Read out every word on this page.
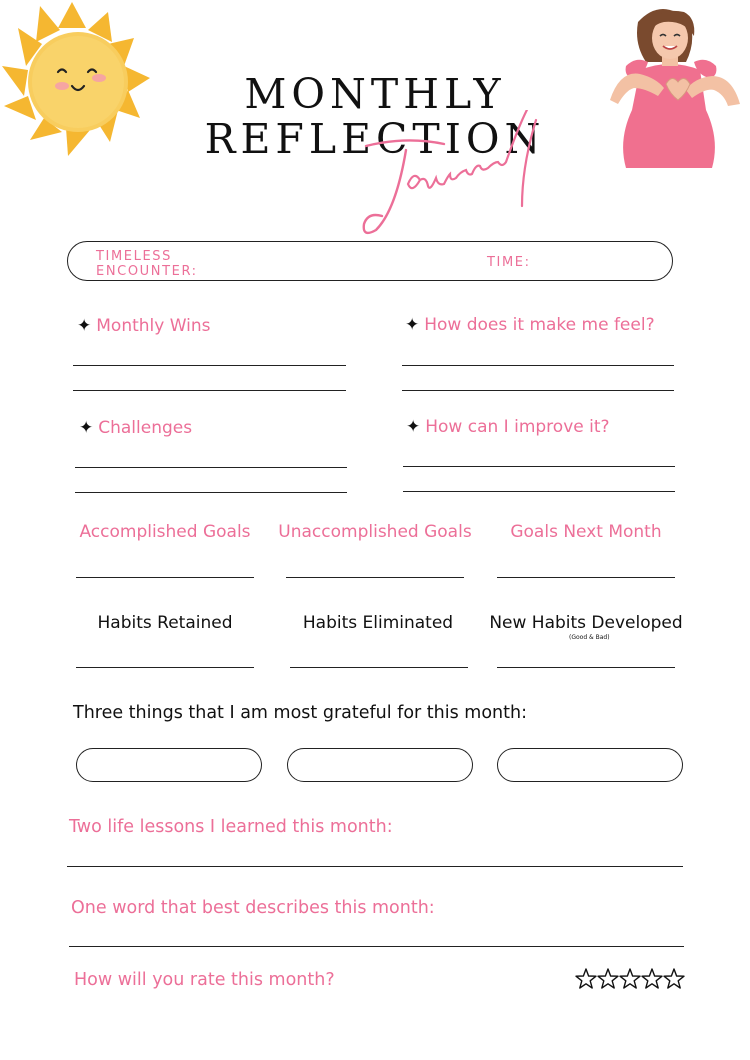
MONTHLY
REFLECTION
TIMELESS
ENCOUNTER:
TIME:
✦ Monthly Wins	✦ How does it make me feel?
✦ Challenges	✦ How can I improve it?
Accomplished Goals	Unaccomplished Goals	Goals Next Month
Habits Retained	Habits Eliminated	New Habits Developed
(Good & Bad)
Three things that I am most grateful for this month:
Two life lessons I learned this month:
One word that best describes this month:
How will you rate this month?
